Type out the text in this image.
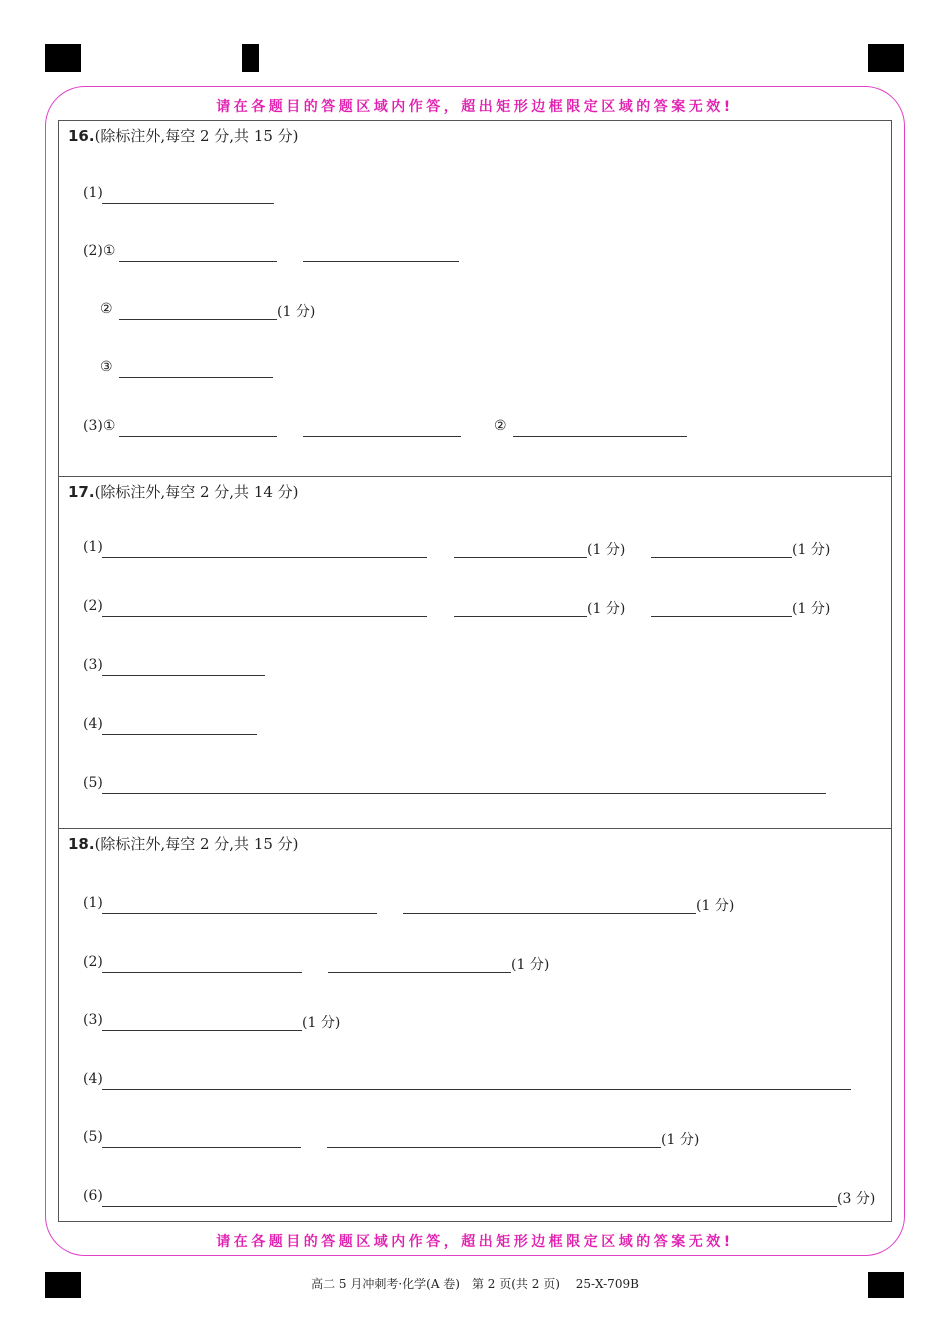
请在各题目的答题区域内作答，超出矩形边框限定区域的答案无效!
请在各题目的答题区域内作答，超出矩形边框限定区域的答案无效!
16.(除标注外,每空 2 分,共 15 分)
(1)
(2)①
②	(1 分)
③
(3)①	②
17.(除标注外,每空 2 分,共 14 分)
(1)	(1 分)	(1 分)
(2)	(1 分)	(1 分)
(3)
(4)
(5)
18.(除标注外,每空 2 分,共 15 分)
(1)	(1 分)
(2)	(1 分)
(3)	(1 分)
(4)
(5)	(1 分)
(6)	(3 分)
高二 5 月冲刺考·化学(A 卷)　第 2 页(共 2 页)　 25-X-709B
